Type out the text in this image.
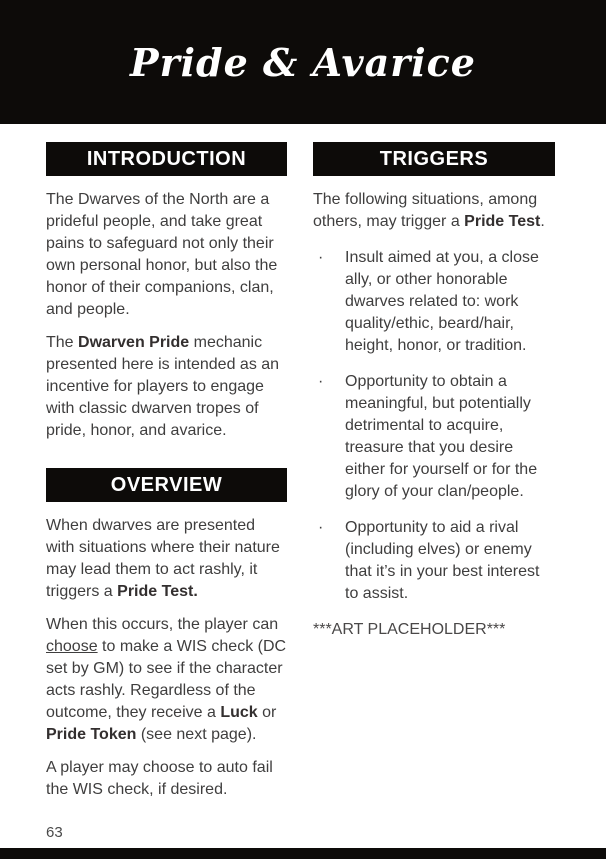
Pride & Avarice
INTRODUCTION

The Dwarves of the North are a prideful people, and take great pains to safeguard not only their own personal honor, but also the honor of their companions, clan, and people.

The Dwarven Pride mechanic presented here is intended as an incentive for players to engage with classic dwarven tropes of pride, honor, and avarice.

OVERVIEW

When dwarves are presented with situations where their nature may lead them to act rashly, it triggers a Pride Test.

When this occurs, the player can choose to make a WIS check (DC set by GM) to see if the character acts rashly. Regardless of the outcome, they receive a Luck or Pride Token (see next page).

A player may choose to auto fail the WIS check, if desired.

TRIGGERS

The following situations, among others, may trigger a Pride Test.

·	Insult aimed at you, a close ally, or other honorable dwarves related to: work quality/ethic, beard/hair, height, honor, or tradition.
·	Opportunity to obtain a meaningful, but potentially detrimental to acquire, treasure that you desire either for yourself or for the glory of your clan/people.
·	Opportunity to aid a rival (including elves) or enemy that it’s in your best interest to assist.

***ART PLACEHOLDER***

63
